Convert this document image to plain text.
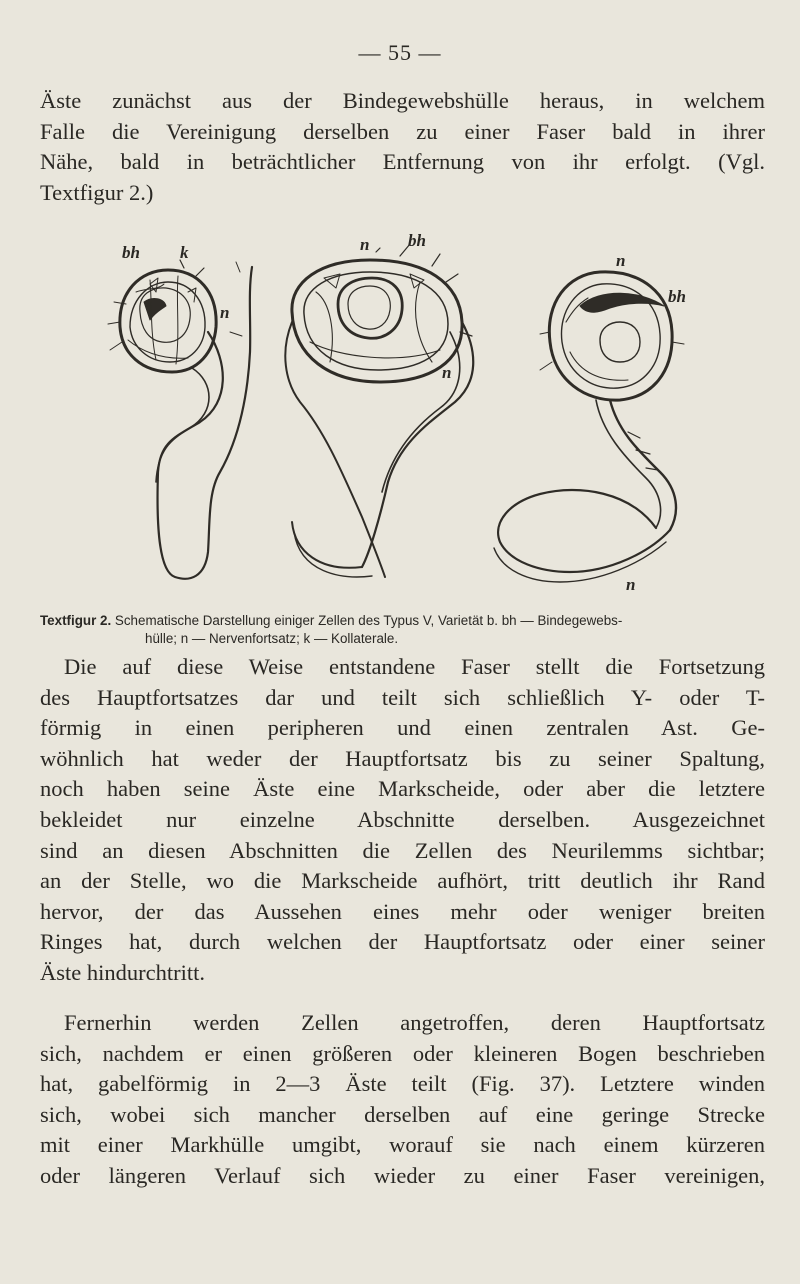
— 55 —
Äste zunächst aus der Bindegewebshülle heraus, in welchem
Falle die Vereinigung derselben zu einer Faser bald in ihrer
Nähe, bald in beträchtlicher Entfernung von ihr erfolgt. (Vgl.
Textfigur 2.)
bh k
n
n bh
n
n
bh
n
Textfigur 2. Schematische Darstellung einiger Zellen des Typus V, Varietät b. bh — Bindegewebs-
hülle; n — Nervenfortsatz; k — Kollaterale.
Die auf diese Weise entstandene Faser stellt die Fortsetzung
des Hauptfortsatzes dar und teilt sich schließlich Y- oder T-
förmig in einen peripheren und einen zentralen Ast. Ge-
wöhnlich hat weder der Hauptfortsatz bis zu seiner Spaltung,
noch haben seine Äste eine Markscheide, oder aber die letztere
bekleidet nur einzelne Abschnitte derselben. Ausgezeichnet
sind an diesen Abschnitten die Zellen des Neurilemms sichtbar;
an der Stelle, wo die Markscheide aufhört, tritt deutlich ihr Rand
hervor, der das Aussehen eines mehr oder weniger breiten
Ringes hat, durch welchen der Hauptfortsatz oder einer seiner
Äste hindurchtritt.
Fernerhin werden Zellen angetroffen, deren Hauptfortsatz
sich, nachdem er einen größeren oder kleineren Bogen beschrieben
hat, gabelförmig in 2—3 Äste teilt (Fig. 37). Letztere winden
sich, wobei sich mancher derselben auf eine geringe Strecke
mit einer Markhülle umgibt, worauf sie nach einem kürzeren
oder längeren Verlauf sich wieder zu einer Faser vereinigen,
